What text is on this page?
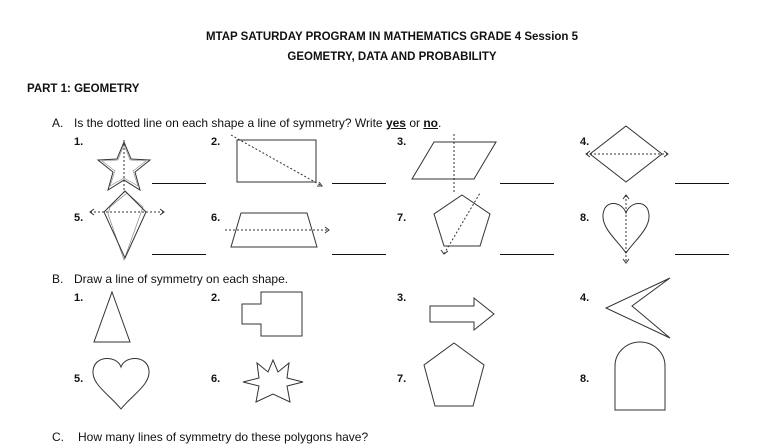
MTAP SATURDAY PROGRAM IN MATHEMATICS GRADE 4 Session 5
GEOMETRY, DATA AND PROBABILITY
PART 1: GEOMETRY
A. Is the dotted line on each shape a line of symmetry? Write yes or no.
1.	2.	3.	4.
5.	6.	7.	8.
B. Draw a line of symmetry on each shape.
1.	2.	3.	4.
5.	6.	7.	8.
C. How many lines of symmetry do these polygons have?
